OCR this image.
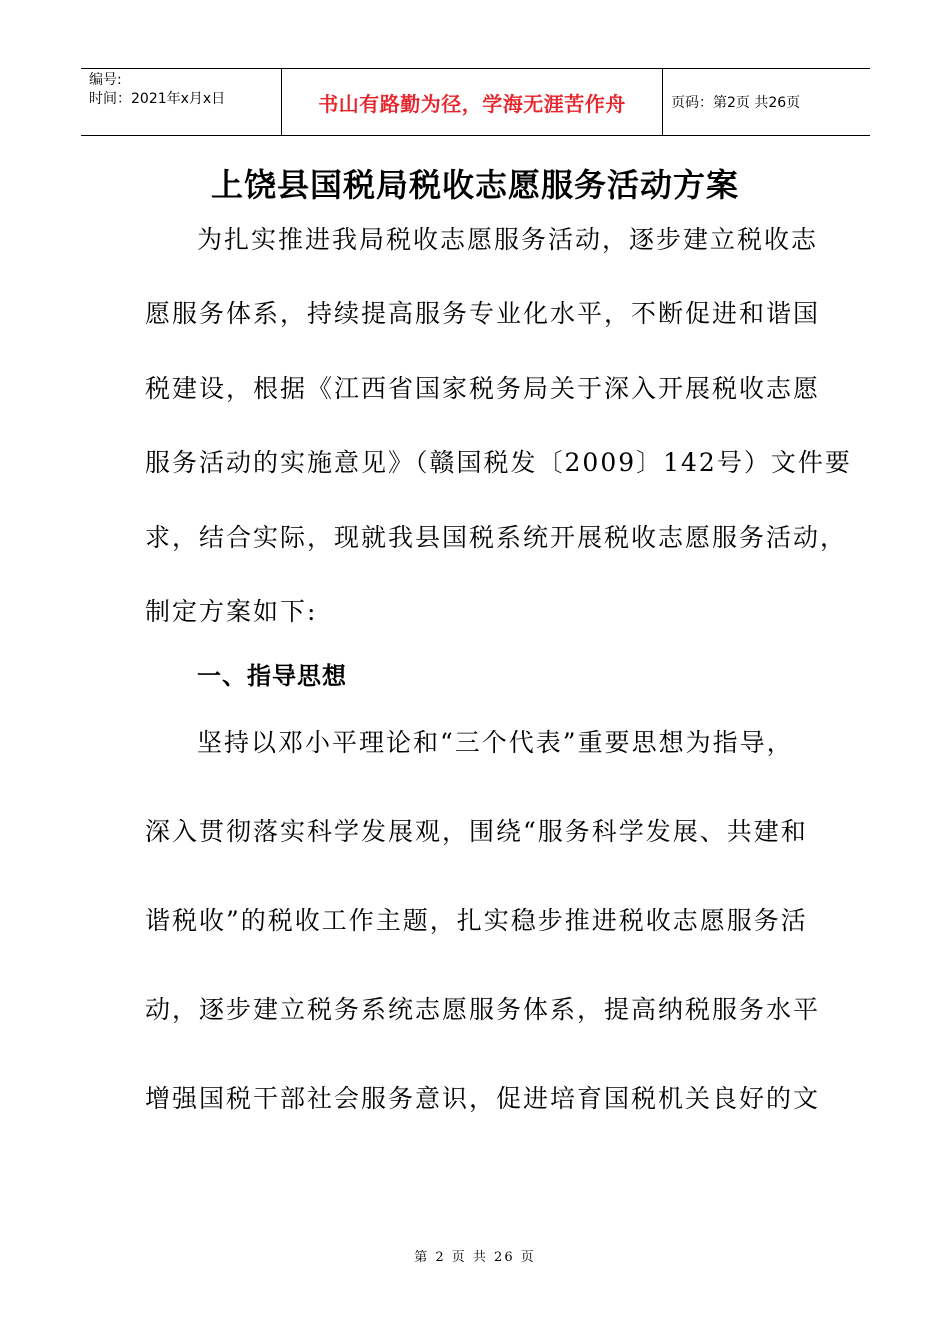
编号:
时间：2021年x月x日	书山有路勤为径，学海无涯苦作舟	页码：第2页 共26页
上饶县国税局税收志愿服务活动方案
为扎实推进我局税收志愿服务活动，逐步建立税收志
愿服务体系，持续提高服务专业化水平，不断促进和谐国
税建设，根据《江西省国家税务局关于深入开展税收志愿
服务活动的实施意见》（赣国税发〔2009〕142号）文件要
求，结合实际，现就我县国税系统开展税收志愿服务活动，
制定方案如下:
一、指导思想
坚持以邓小平理论和“三个代表”重要思想为指导，
深入贯彻落实科学发展观，围绕“服务科学发展、共建和
谐税收”的税收工作主题，扎实稳步推进税收志愿服务活
动，逐步建立税务系统志愿服务体系，提高纳税服务水平
增强国税干部社会服务意识，促进培育国税机关良好的文
第 2 页 共 26 页
